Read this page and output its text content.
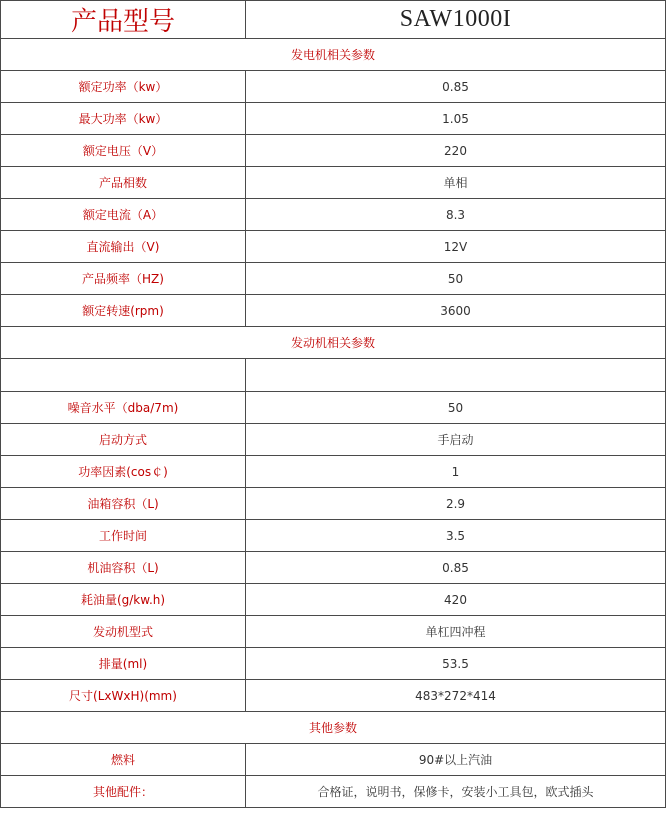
产品型号	SAW1000I
发电机相关参数	
额定功率（kw）	0.85
最大功率（kw）	1.05
额定电压（V）	220
产品相数	单相
额定电流（A）	8.3
直流输出（V)	12V
产品频率（HZ)	50
额定转速(rpm)	3600
发动机相关参数	

噪音水平（dba/7m)	50
启动方式	手启动
功率因素(cos￠)	1
油箱容积（L)	2.9
工作时间	3.5
机油容积（L)	0.85
耗油量(g/kw.h)	420
发动机型式	单杠四冲程
排量(ml)	53.5
尺寸(LxWxH)(mm)	483*272*414
其他参数	
燃料	90#以上汽油
其他配件：	合格证，说明书，保修卡，安装小工具包，欧式插头
